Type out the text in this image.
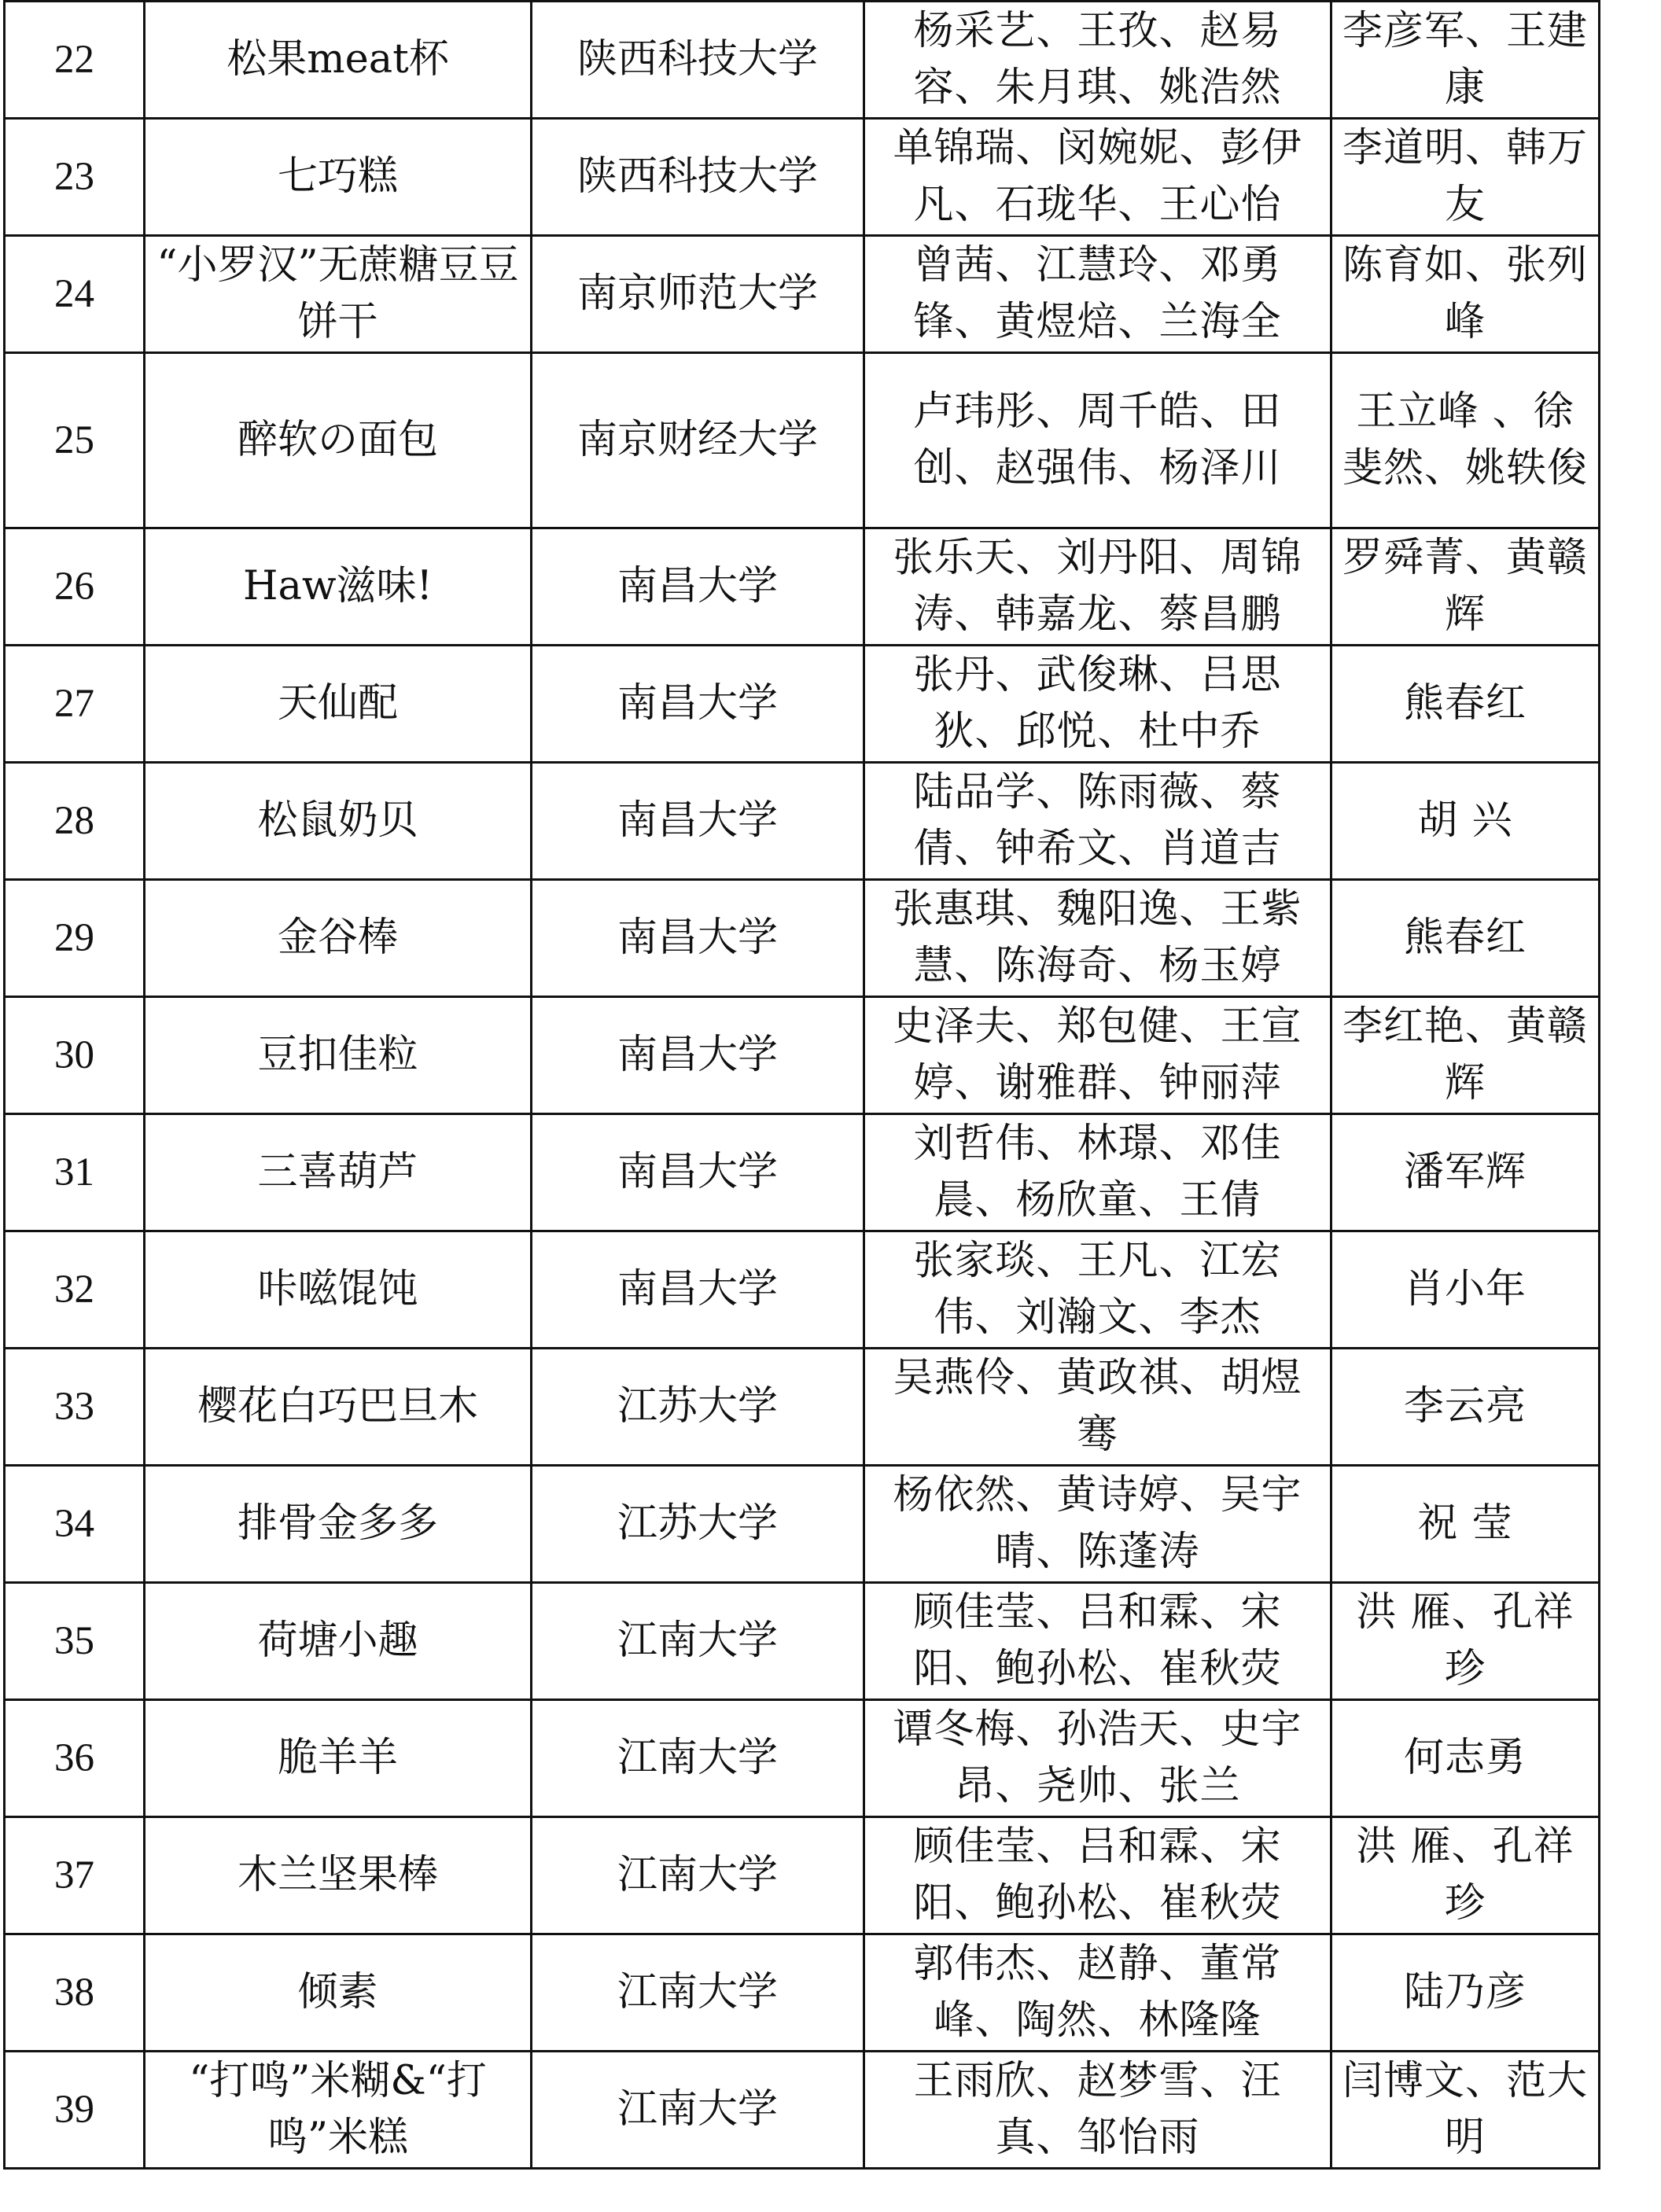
22	松果meat杯	陕西科技大学	杨采艺、王孜、赵易容、朱月琪、姚浩然	李彦军、王建康
23	七巧糕	陕西科技大学	单锦瑞、闵婉妮、彭伊凡、石珑华、王心怡	李道明、韩万友
24	“小罗汉”无蔗糖豆豆饼干	南京师范大学	曾茜、江慧玲、邓勇锋、黄煜焙、兰海全	陈育如、张列峰
25	醉软の面包	南京财经大学	卢玮彤、周千皓、田创、赵强伟、杨泽川	王立峰 、徐斐然、姚轶俊
26	Haw滋味!	南昌大学	张乐天、刘丹阳、周锦涛、韩嘉龙、蔡昌鹏	罗舜菁、黄赣辉
27	天仙配	南昌大学	张丹、武俊琳、吕思狄、邱悦、杜中乔	熊春红
28	松鼠奶贝	南昌大学	陆品学、陈雨薇、蔡倩、钟希文、肖道吉	胡 兴
29	金谷棒	南昌大学	张惠琪、魏阳逸、王紫慧、陈海奇、杨玉婷	熊春红
30	豆扣佳粒	南昌大学	史泽夫、郑包健、王宣婷、谢雅群、钟丽萍	李红艳、黄赣辉
31	三喜葫芦	南昌大学	刘哲伟、林璟、邓佳晨、杨欣童、王倩	潘军辉
32	咔嗞馄饨	南昌大学	张家琰、王凡、江宏伟、刘瀚文、李杰	肖小年
33	樱花白巧巴旦木	江苏大学	吴燕伶、黄政祺、胡煜骞	李云亮
34	排骨金多多	江苏大学	杨依然、黄诗婷、吴宇晴、陈蓬涛	祝 莹
35	荷塘小趣	江南大学	顾佳莹、吕和霖、宋阳、鲍孙松、崔秋荧	洪 雁、孔祥珍
36	脆羊羊	江南大学	谭冬梅、孙浩天、史宇昂、尧帅、张兰	何志勇
37	木兰坚果棒	江南大学	顾佳莹、吕和霖、宋阳、鲍孙松、崔秋荧	洪 雁、孔祥珍
38	倾素	江南大学	郭伟杰、赵静、董常峰、陶然、林隆隆	陆乃彦
39	“打鸣”米糊&“打鸣”米糕	江南大学	王雨欣、赵梦雪、汪真、邹怡雨	闫博文、范大明
